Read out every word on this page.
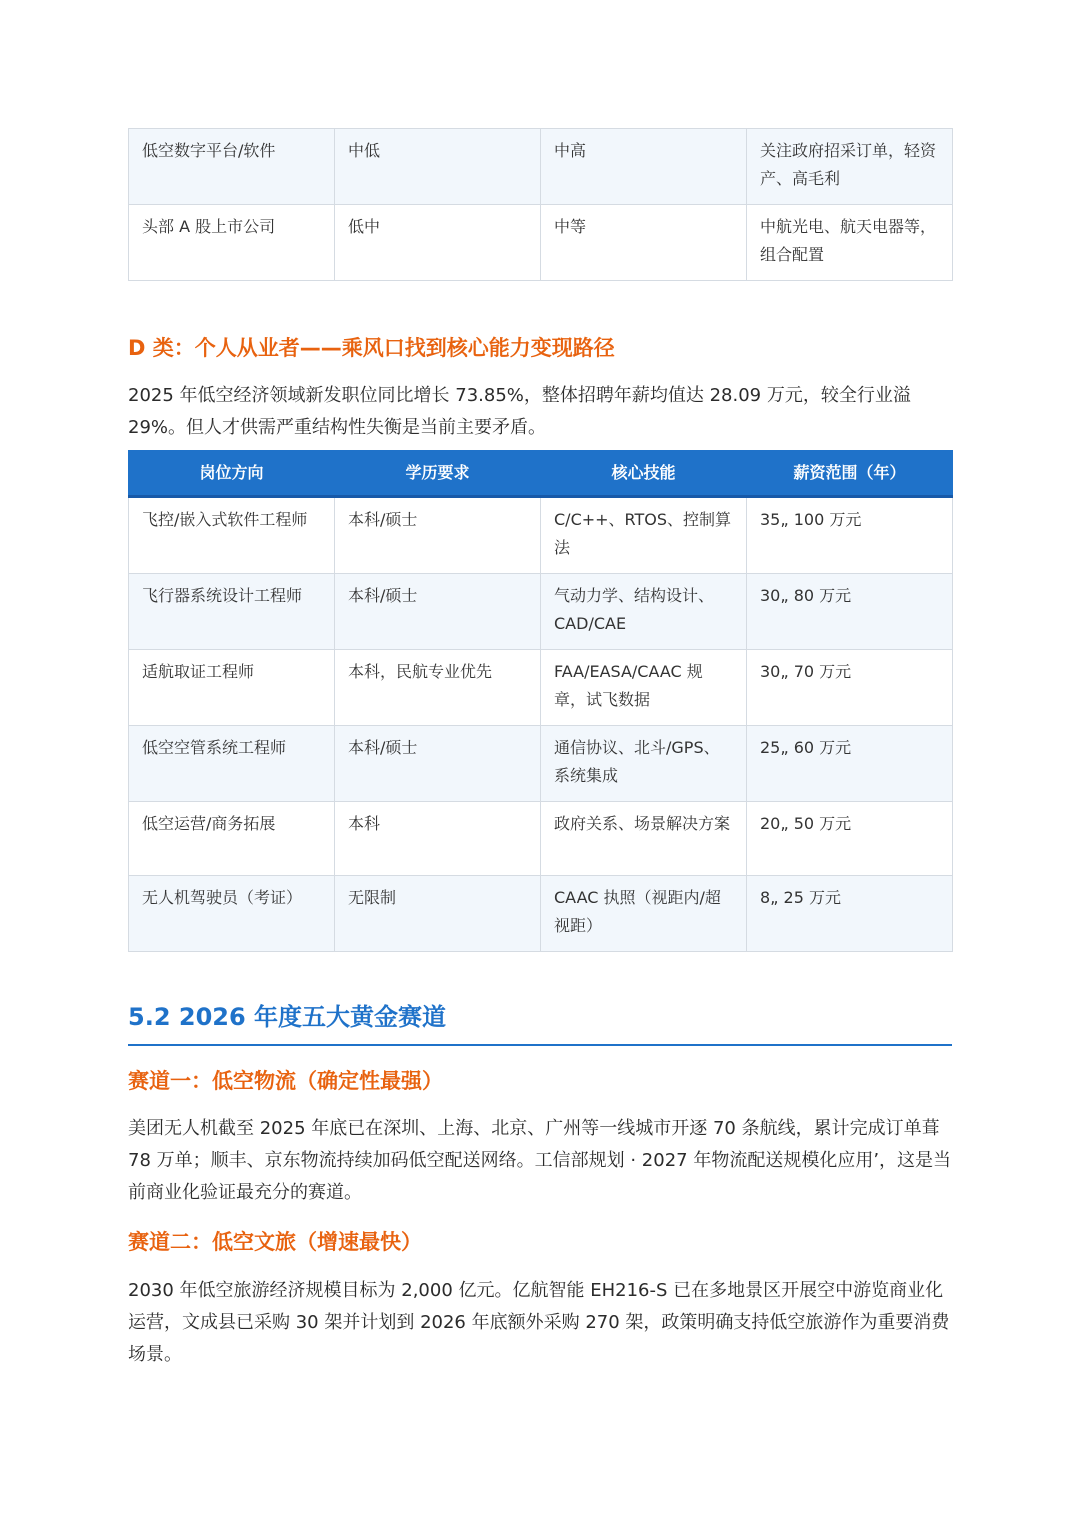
低空数字平台/软件	中低	中高	关注政府招采订单，轻资产、高毛利
头部 A 股上市公司	低中	中等	中航光电、航天电器等，组合配置
D 类：个人从业者——乘风口找到核心能力变现路径

2025 年低空经济领域新发职位同比增长 73.85%，整体招聘年薪均值达 28.09 万元，较全行业溢 29%。但人才供需严重结构性失衡是当前主要矛盾。

岗位方向	学历要求	核心技能	薪资范围（年）
飞控/嵌入式软件工程师	本科/硕士	C/C++、RTOS、控制算法	35„ 100 万元
飞行器系统设计工程师	本科/硕士	气动力学、结构设计、CAD/CAE	30„ 80 万元
适航取证工程师	本科，民航专业优先	FAA/EASA/CAAC 规章，试飞数据	30„ 70 万元
低空空管系统工程师	本科/硕士	通信协议、北斗/GPS、系统集成	25„ 60 万元
低空运营/商务拓展	本科	政府关系、场景解决方案	20„ 50 万元
无人机驾驶员（考证）	无限制	CAAC 执照（视距内/超视距）	8„ 25 万元
5.2 2026 年度五大黄金赛道
赛道一：低空物流（确定性最强）

美团无人机截至 2025 年底已在深圳、上海、北京、广州等一线城市开逐 70 条航线，累计完成订单葺 78 万单；顺丰、京东物流持续加码低空配送网络。工信部规划 · 2027 年物流配送规模化应用’，这是当前商业化验证最充分的赛道。

赛道二：低空文旅（增速最快）

2030 年低空旅游经济规模目标为 2,000 亿元。亿航智能 EH216-S 已在多地景区开展空中游览商业化运营，文成县已采购 30 架并计划到 2026 年底额外采购 270 架，政策明确支持低空旅游作为重要消费场景。
